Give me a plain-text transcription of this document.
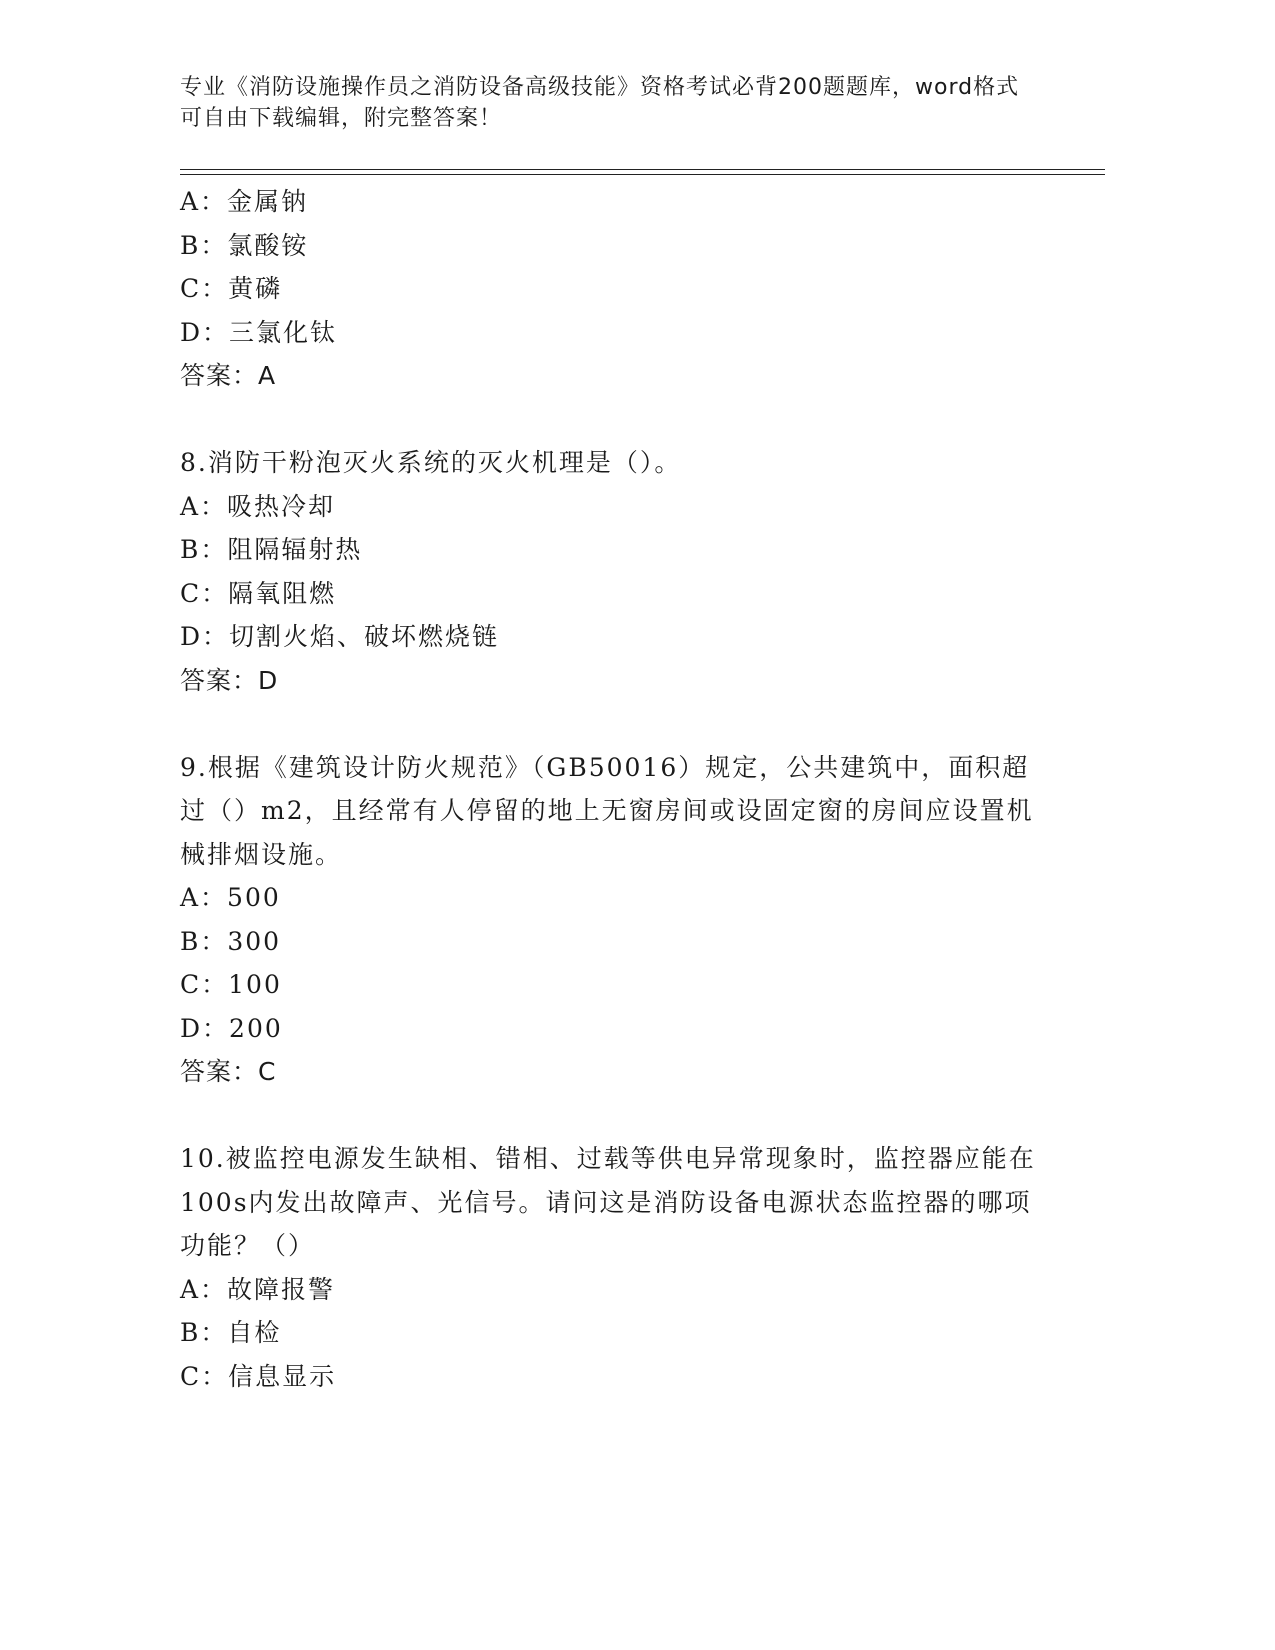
专业《消防设施操作员之消防设备高级技能》资格考试必背200题题库，word格式可自由下载编辑，附完整答案！
A：金属钠
B：氯酸铵
C：黄磷
D：三氯化钛
答案：A
8.消防干粉泡灭火系统的灭火机理是（）。
A：吸热冷却
B：阻隔辐射热
C：隔氧阻燃
D：切割火焰、破坏燃烧链
答案：D
9.根据《建筑设计防火规范》（GB50016）规定，公共建筑中，面积超过（）m2，且经常有人停留的地上无窗房间或设固定窗的房间应设置机械排烟设施。
A：500
B：300
C：100
D：200
答案：C
10.被监控电源发生缺相、错相、过载等供电异常现象时，监控器应能在100s内发出故障声、光信号。请问这是消防设备电源状态监控器的哪项功能？（）
A：故障报警
B：自检
C：信息显示
